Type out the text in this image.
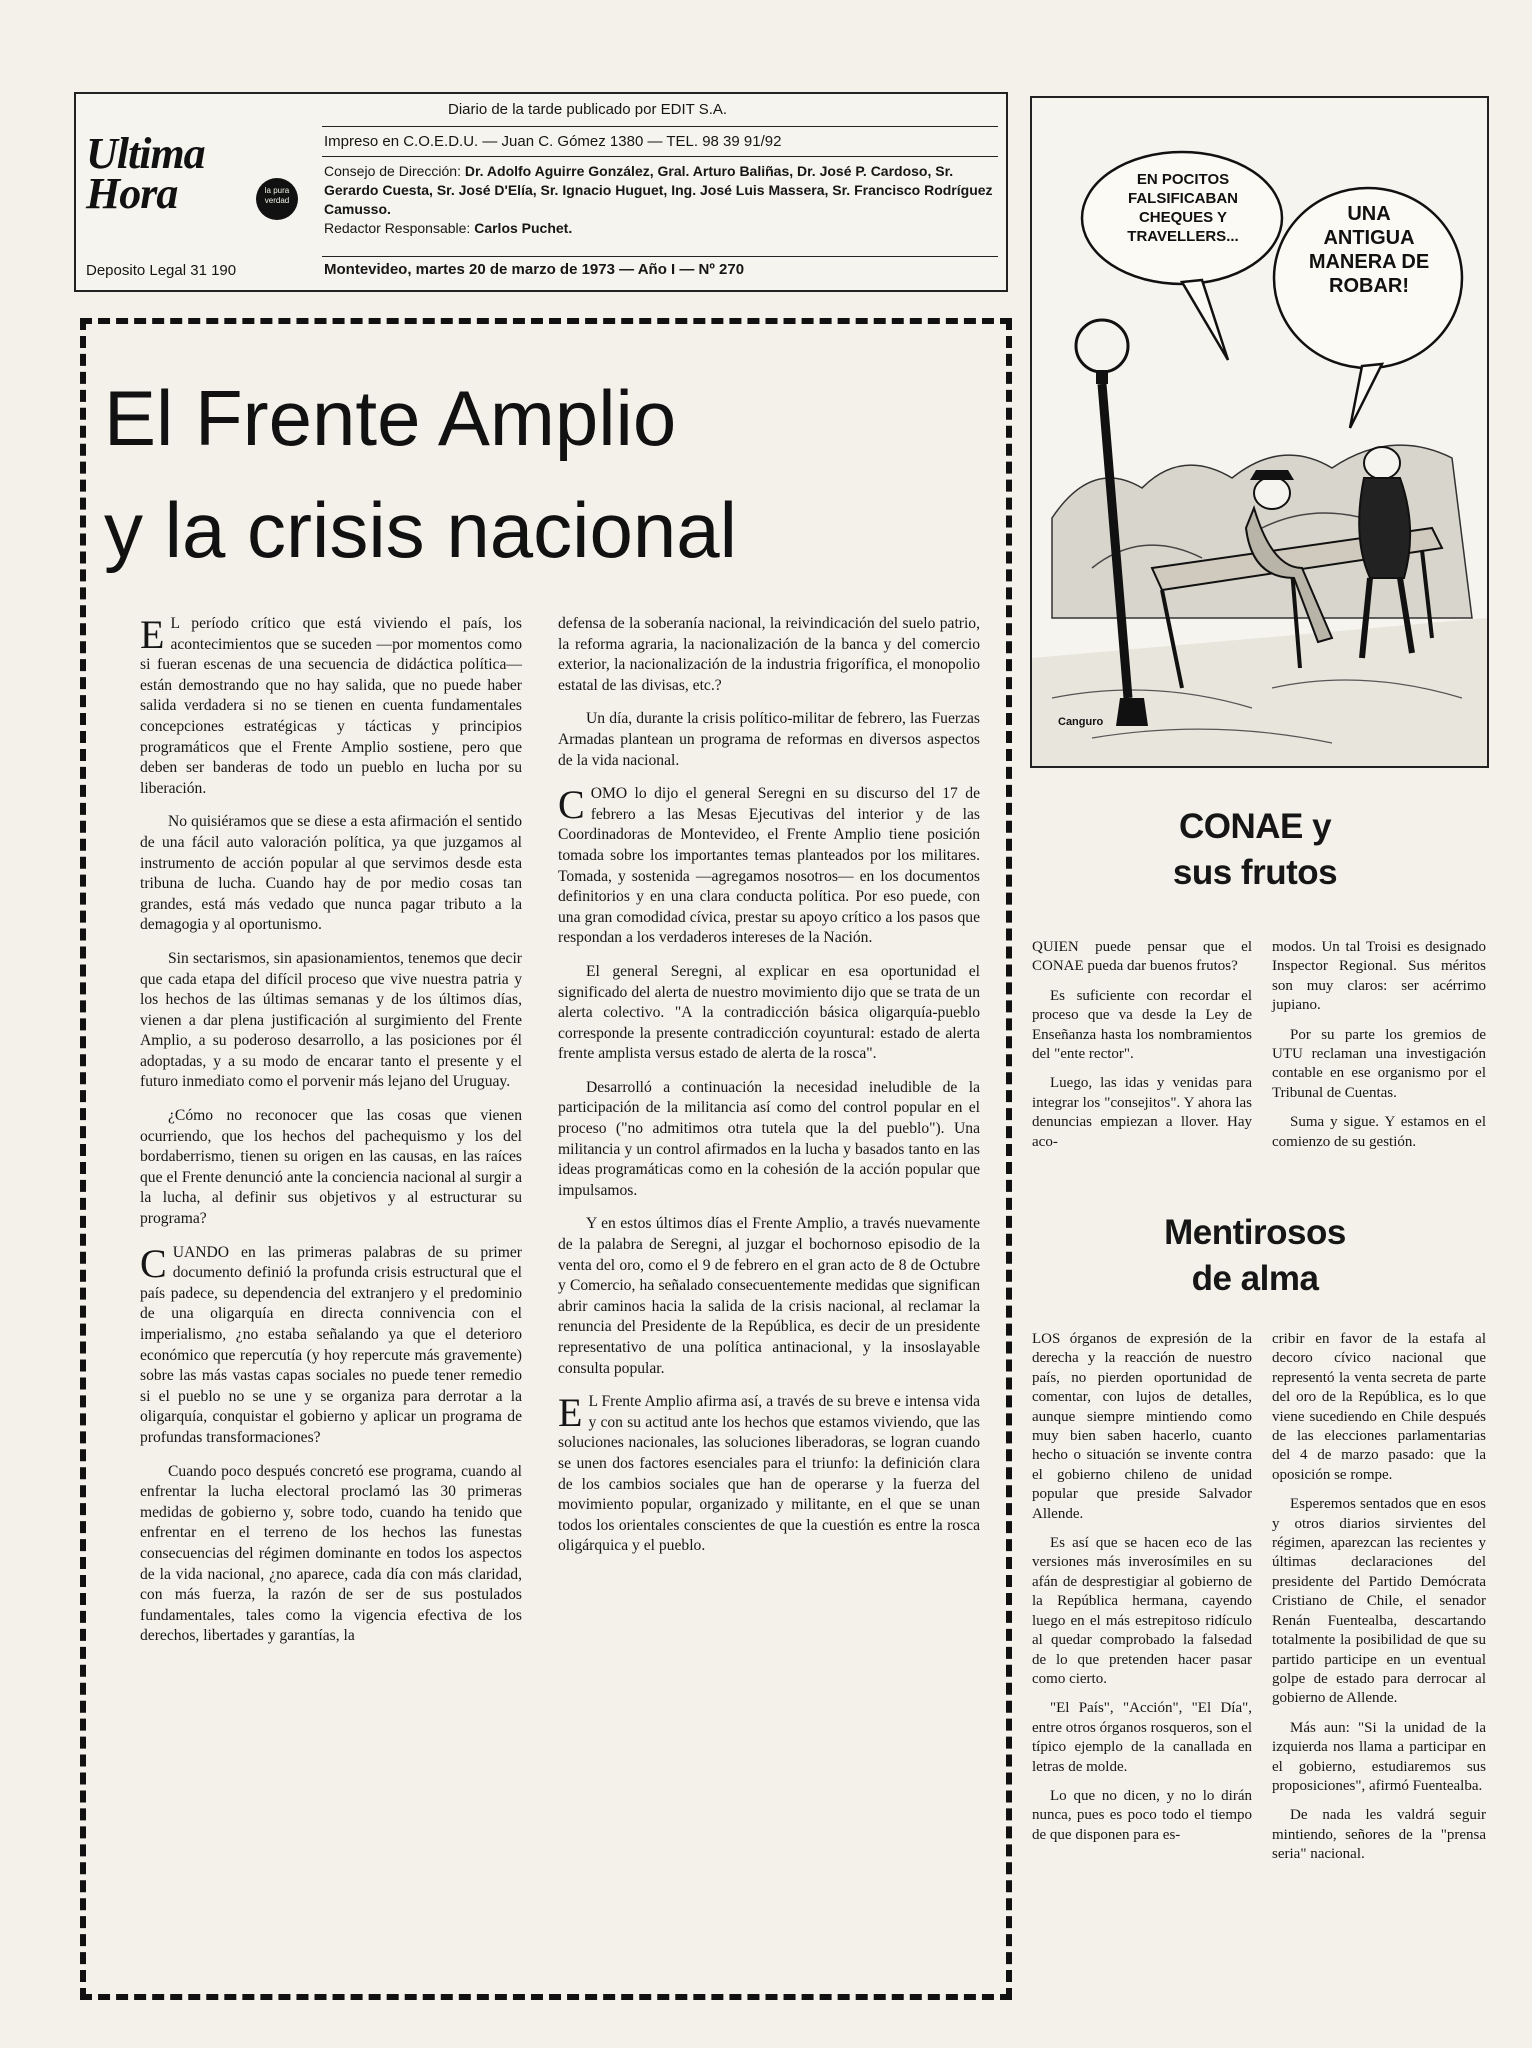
Ultima Hora	la pura verdad
Deposito Legal 31 190
Diario de la tarde publicado por EDIT S.A.
Impreso en C.O.E.D.U. — Juan C. Gómez 1380 — TEL. 98 39 91/92
Consejo de Dirección: Dr. Adolfo Aguirre González, Gral. Arturo Baliñas, Dr. José P. Cardoso, Sr. Gerardo Cuesta, Sr. José D'Elía, Sr. Ignacio Huguet, Ing. José Luis Massera, Sr. Francisco Rodríguez Camusso.
Redactor Responsable: Carlos Puchet.
Montevideo, martes 20 de marzo de 1973 — Año I — Nº 270
EN POCITOS FALSIFICABAN CHEQUES Y TRAVELLERS...
UNA ANTIGUA MANERA DE ROBAR!
Canguro
El Frente Amplio
y la crisis nacional

EL período crítico que está viviendo el país, los acontecimientos que se suceden —por momentos como si fueran escenas de una secuencia de didáctica política— están demostrando que no hay salida, que no puede haber salida verdadera si no se tienen en cuenta fundamentales concepciones estratégicas y tácticas y principios programáticos que el Frente Amplio sostiene, pero que deben ser banderas de todo un pueblo en lucha por su liberación.

No quisiéramos que se diese a esta afirmación el sentido de una fácil auto valoración política, ya que juzgamos al instrumento de acción popular al que servimos desde esta tribuna de lucha. Cuando hay de por medio cosas tan grandes, está más vedado que nunca pagar tributo a la demagogia y al oportunismo.

Sin sectarismos, sin apasionamientos, tenemos que decir que cada etapa del difícil proceso que vive nuestra patria y los hechos de las últimas semanas y de los últimos días, vienen a dar plena justificación al surgimiento del Frente Amplio, a su poderoso desarrollo, a las posiciones por él adoptadas, y a su modo de encarar tanto el presente y el futuro inmediato como el porvenir más lejano del Uruguay.

¿Cómo no reconocer que las cosas que vienen ocurriendo, que los hechos del pachequismo y los del bordaberrismo, tienen su origen en las causas, en las raíces que el Frente denunció ante la conciencia nacional al surgir a la lucha, al definir sus objetivos y al estructurar su programa?

CUANDO en las primeras palabras de su primer documento definió la profunda crisis estructural que el país padece, su dependencia del extranjero y el predominio de una oligarquía en directa connivencia con el imperialismo, ¿no estaba señalando ya que el deterioro económico que repercutía (y hoy repercute más gravemente) sobre las más vastas capas sociales no puede tener remedio si el pueblo no se une y se organiza para derrotar a la oligarquía, conquistar el gobierno y aplicar un programa de profundas transformaciones?

Cuando poco después concretó ese programa, cuando al enfrentar la lucha electoral proclamó las 30 primeras medidas de gobierno y, sobre todo, cuando ha tenido que enfrentar en el terreno de los hechos las funestas consecuencias del régimen dominante en todos los aspectos de la vida nacional, ¿no aparece, cada día con más claridad, con más fuerza, la razón de ser de sus postulados fundamentales, tales como la vigencia efectiva de los derechos, libertades y garantías, la

defensa de la soberanía nacional, la reivindicación del suelo patrio, la reforma agraria, la nacionalización de la banca y del comercio exterior, la nacionalización de la industria frigorífica, el monopolio estatal de las divisas, etc.?

Un día, durante la crisis político-militar de febrero, las Fuerzas Armadas plantean un programa de reformas en diversos aspectos de la vida nacional.

COMO lo dijo el general Seregni en su discurso del 17 de febrero a las Mesas Ejecutivas del interior y de las Coordinadoras de Montevideo, el Frente Amplio tiene posición tomada sobre los importantes temas planteados por los militares. Tomada, y sostenida —agregamos nosotros— en los documentos definitorios y en una clara conducta política. Por eso puede, con una gran comodidad cívica, prestar su apoyo crítico a los pasos que respondan a los verdaderos intereses de la Nación.

El general Seregni, al explicar en esa oportunidad el significado del alerta de nuestro movimiento dijo que se trata de un alerta colectivo. "A la contradicción básica oligarquía-pueblo corresponde la presente contradicción coyuntural: estado de alerta frente amplista versus estado de alerta de la rosca".

Desarrolló a continuación la necesidad ineludible de la participación de la militancia así como del control popular en el proceso ("no admitimos otra tutela que la del pueblo"). Una militancia y un control afirmados en la lucha y basados tanto en las ideas programáticas como en la cohesión de la acción popular que impulsamos.

Y en estos últimos días el Frente Amplio, a través nuevamente de la palabra de Seregni, al juzgar el bochornoso episodio de la venta del oro, como el 9 de febrero en el gran acto de 8 de Octubre y Comercio, ha señalado consecuentemente medidas que significan abrir caminos hacia la salida de la crisis nacional, al reclamar la renuncia del Presidente de la República, es decir de un presidente representativo de una política antinacional, y la insoslayable consulta popular.

EL Frente Amplio afirma así, a través de su breve e intensa vida y con su actitud ante los hechos que estamos viviendo, que las soluciones nacionales, las soluciones liberadoras, se logran cuando se unen dos factores esenciales para el triunfo: la definición clara de los cambios sociales que han de operarse y la fuerza del movimiento popular, organizado y militante, en el que se unan todos los orientales conscientes de que la cuestión es entre la rosca oligárquica y el pueblo.

CONAE y
sus frutos

QUIEN puede pensar que el CONAE pueda dar buenos frutos?

Es suficiente con recordar el proceso que va desde la Ley de Enseñanza hasta los nombramientos del "ente rector".

Luego, las idas y venidas para integrar los "consejitos". Y ahora las denuncias empiezan a llover. Hay aco-

modos. Un tal Troisi es designado Inspector Regional. Sus méritos son muy claros: ser acérrimo jupiano.

Por su parte los gremios de UTU reclaman una investigación contable en ese organismo por el Tribunal de Cuentas.

Suma y sigue. Y estamos en el comienzo de su gestión.

Mentirosos
de alma

LOS órganos de expresión de la derecha y la reacción de nuestro país, no pierden oportunidad de comentar, con lujos de detalles, aunque siempre mintiendo como muy bien saben hacerlo, cuanto hecho o situación se invente contra el gobierno chileno de unidad popular que preside Salvador Allende.

Es así que se hacen eco de las versiones más inverosímiles en su afán de desprestigiar al gobierno de la República hermana, cayendo luego en el más estrepitoso ridículo al quedar comprobado la falsedad de lo que pretenden hacer pasar como cierto.

"El País", "Acción", "El Día", entre otros órganos rosqueros, son el típico ejemplo de la canallada en letras de molde.

Lo que no dicen, y no lo dirán nunca, pues es poco todo el tiempo de que disponen para es-

cribir en favor de la estafa al decoro cívico nacional que representó la venta secreta de parte del oro de la República, es lo que viene sucediendo en Chile después de las elecciones parlamentarias del 4 de marzo pasado: que la oposición se rompe.

Esperemos sentados que en esos y otros diarios sirvientes del régimen, aparezcan las recientes y últimas declaraciones del presidente del Partido Demócrata Cristiano de Chile, el senador Renán Fuentealba, descartando totalmente la posibilidad de que su partido participe en un eventual golpe de estado para derrocar al gobierno de Allende.

Más aun: "Si la unidad de la izquierda nos llama a participar en el gobierno, estudiaremos sus proposiciones", afirmó Fuentealba.

De nada les valdrá seguir mintiendo, señores de la "prensa seria" nacional.
